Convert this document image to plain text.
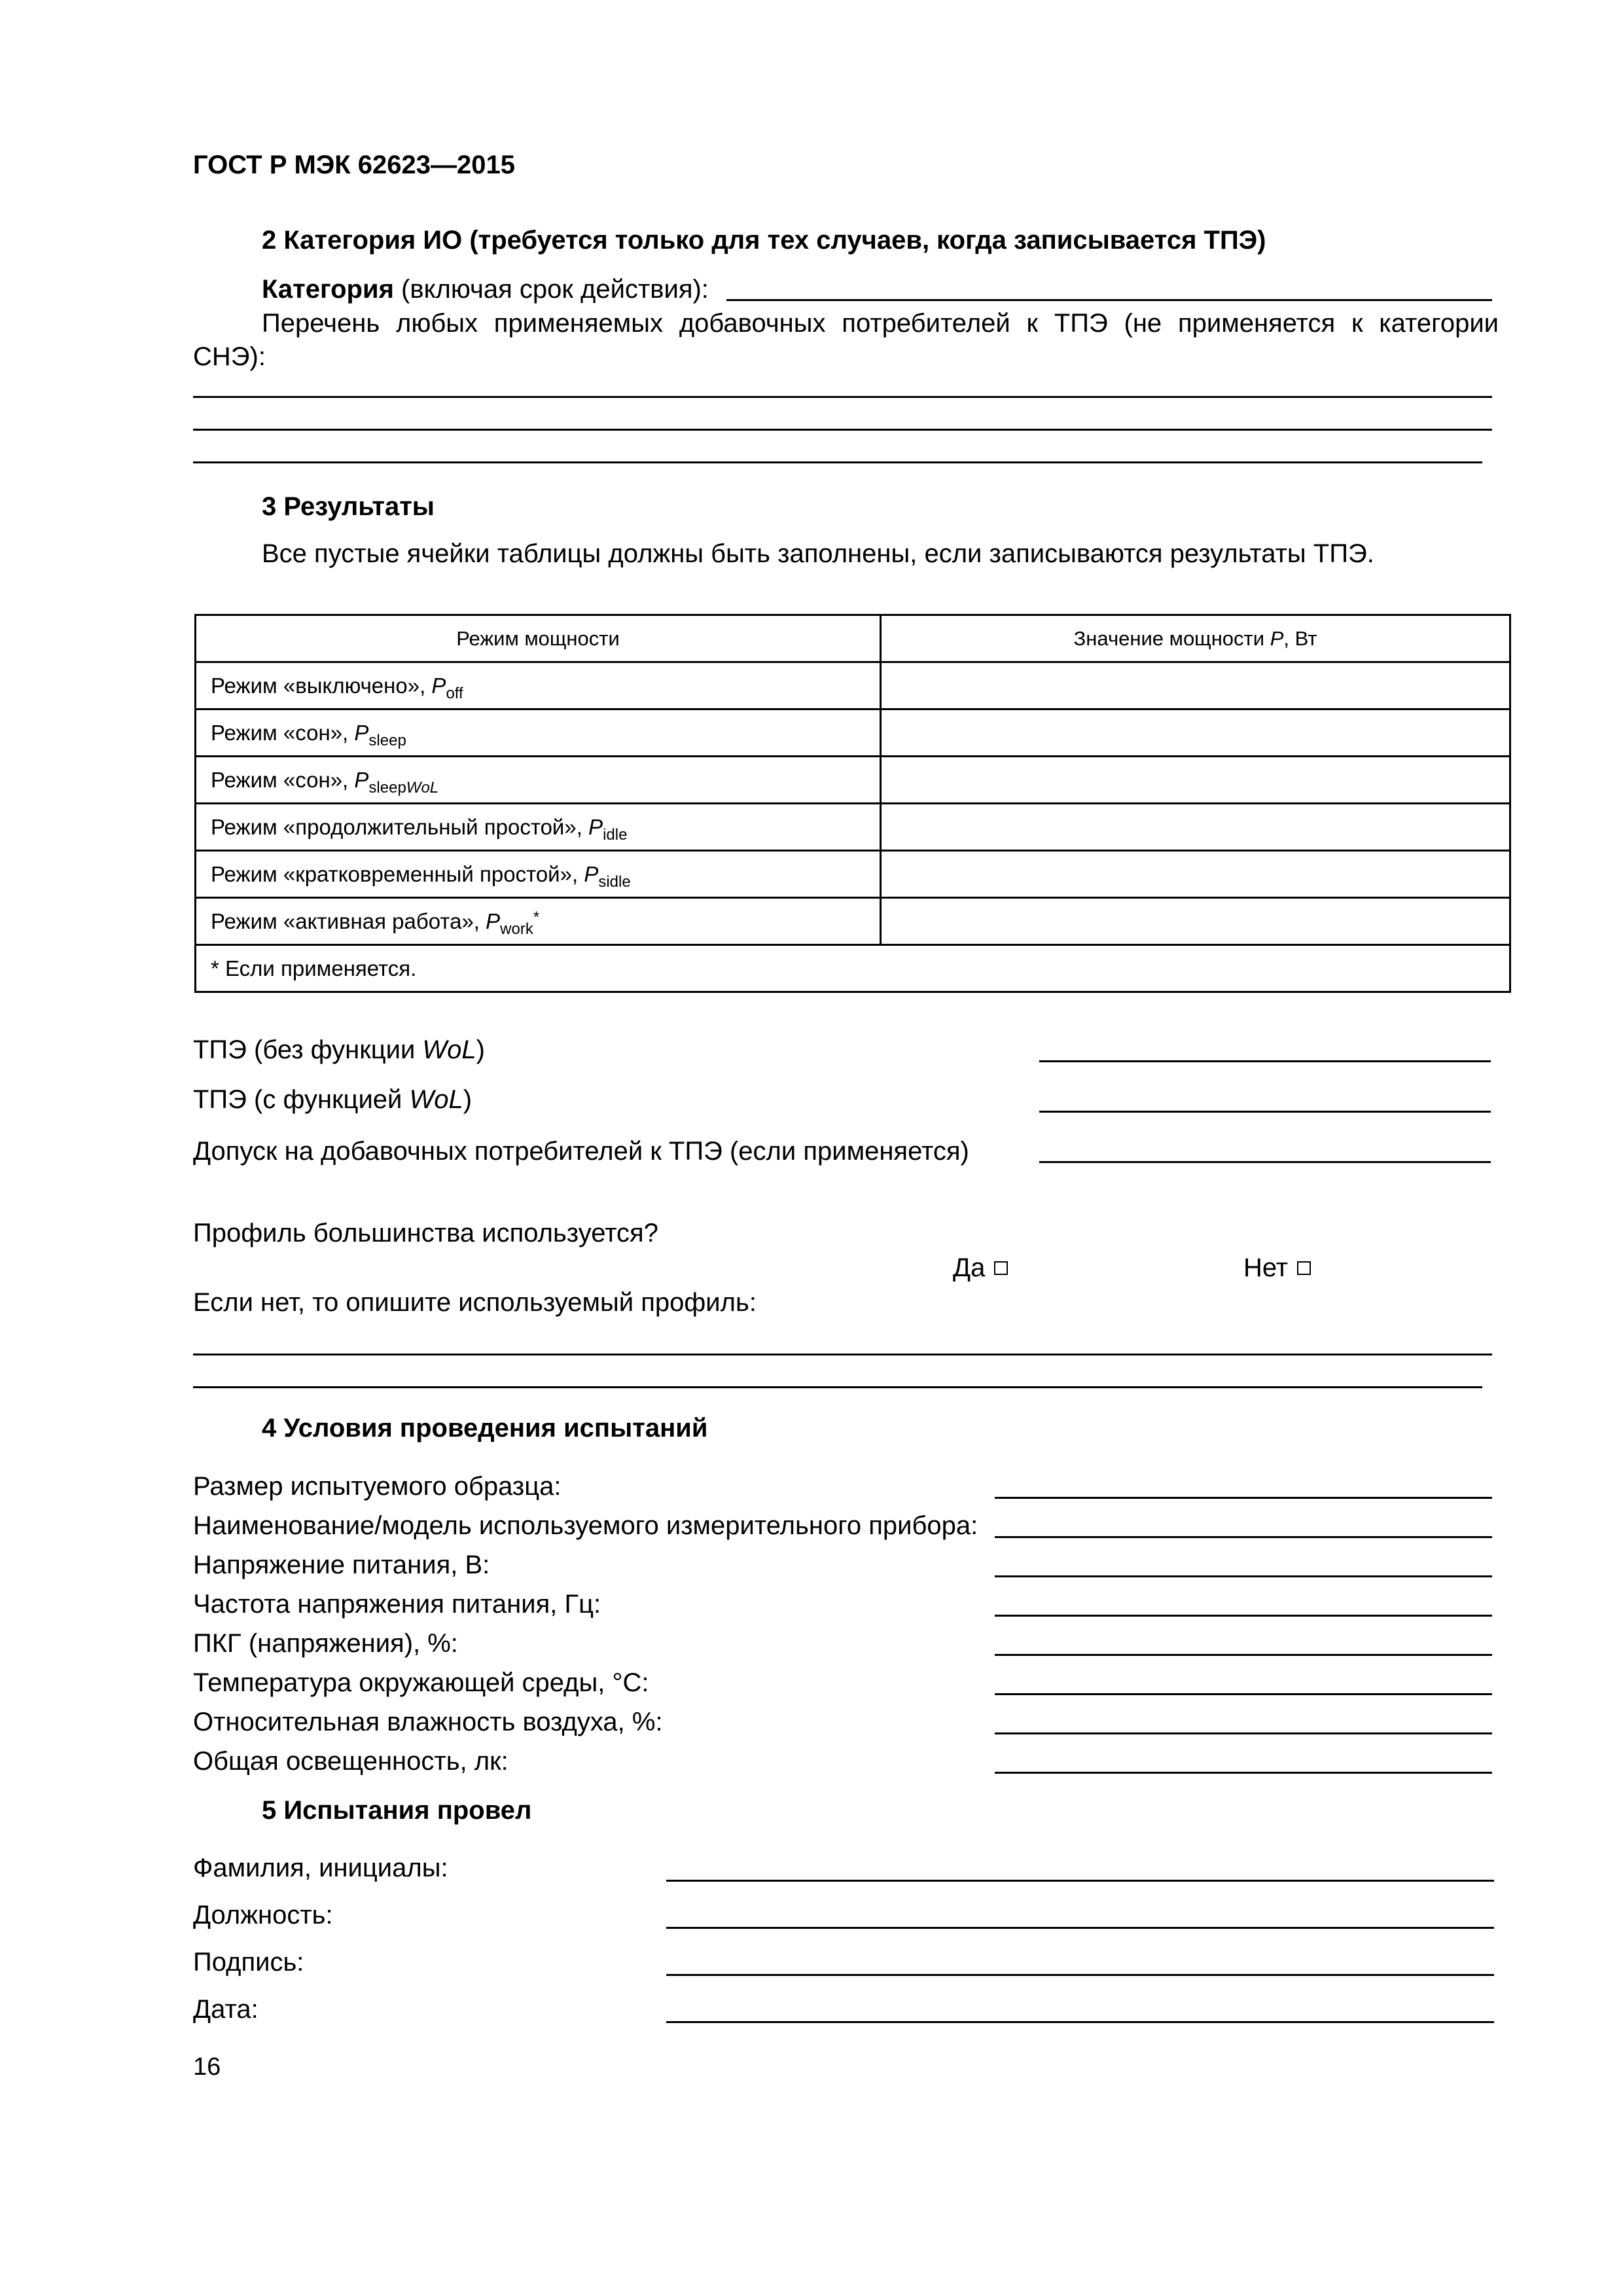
ГОСТ Р МЭК 62623—2015
2 Категория ИО (требуется только для тех случаев, когда записывается ТПЭ)
Категория (включая срок действия):
Перечень любых применяемых добавочных потребителей к ТПЭ (не применяется к категории
СНЭ):
3 Результаты
Все пустые ячейки таблицы должны быть заполнены, если записываются результаты ТПЭ.
Режим мощности	Значение мощности P, Вт
Режим «выключено», $P_{off}$	
Режим «сон», $P_{sleep}$	
Режим «сон», $P_{sleepWoL}$	
Режим «продолжительный простой», $P_{idle}$	
Режим «кратковременный простой», $P_{sidle}$	
Режим «активная работа», $P_{work}^*$	
* Если применяется.	
ТПЭ (без функции WoL)
ТПЭ (с функцией WoL)
Допуск на добавочных потребителей к ТПЭ (если применяется)
Профиль большинства используется?
Да	Нет
Если нет, то опишите используемый профиль:
4 Условия проведения испытаний
Размер испытуемого образца:
Наименование/модель используемого измерительного прибора:
Напряжение питания, В:
Частота напряжения питания, Гц:
ПКГ (напряжения), %:
Температура окружающей среды, °С:
Относительная влажность воздуха, %:
Общая освещенность, лк:
5 Испытания провел
Фамилия, инициалы:
Должность:
Подпись:
Дата:
16
